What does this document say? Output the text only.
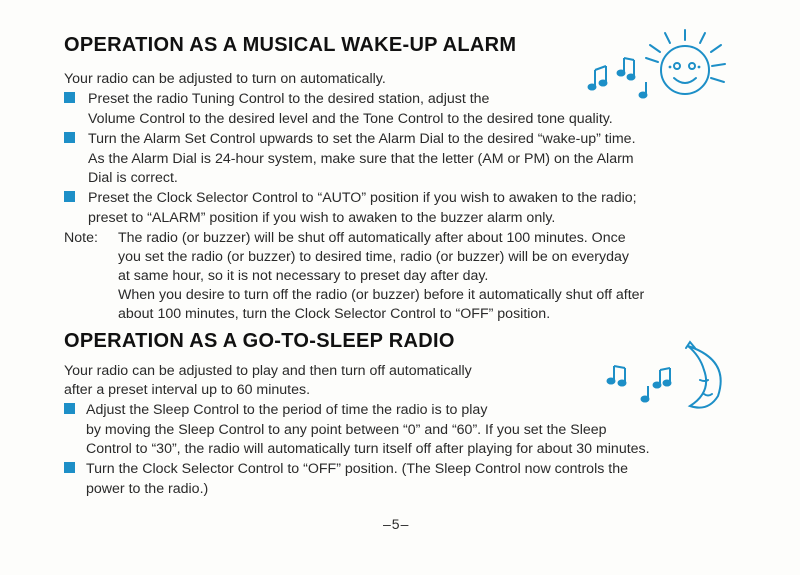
OPERATION AS A MUSICAL WAKE-UP ALARM
Your radio can be adjusted to turn on automatically.
Preset the radio Tuning Control to the desired station, adjust the
Volume Control to the desired level and the Tone Control to the desired tone quality.
Turn the Alarm Set Control upwards to set the Alarm Dial to the desired “wake-up” time.
As the Alarm Dial is 24-hour system, make sure that the letter (AM or PM) on the Alarm
Dial is correct.
Preset the Clock Selector Control to “AUTO” position if you wish to awaken to the radio;
preset to “ALARM” position if you wish to awaken to the buzzer alarm only.
Note: The radio (or buzzer) will be shut off automatically after about 100 minutes. Once
you set the radio (or buzzer) to desired time, radio (or buzzer) will be on everyday
at same hour, so it is not necessary to preset day after day.
When you desire to turn off the radio (or buzzer) before it automatically shut off after
about 100 minutes, turn the Clock Selector Control to “OFF” position.
OPERATION AS A GO-TO-SLEEP RADIO
Your radio can be adjusted to play and then turn off automatically
after a preset interval up to 60 minutes.
Adjust the Sleep Control to the period of time the radio is to play
by moving the Sleep Control to any point between “0” and “60”. If you set the Sleep
Control to “30”, the radio will automatically turn itself off after playing for about 30 minutes.
Turn the Clock Selector Control to “OFF” position. (The Sleep Control now controls the
power to the radio.)
–5–
